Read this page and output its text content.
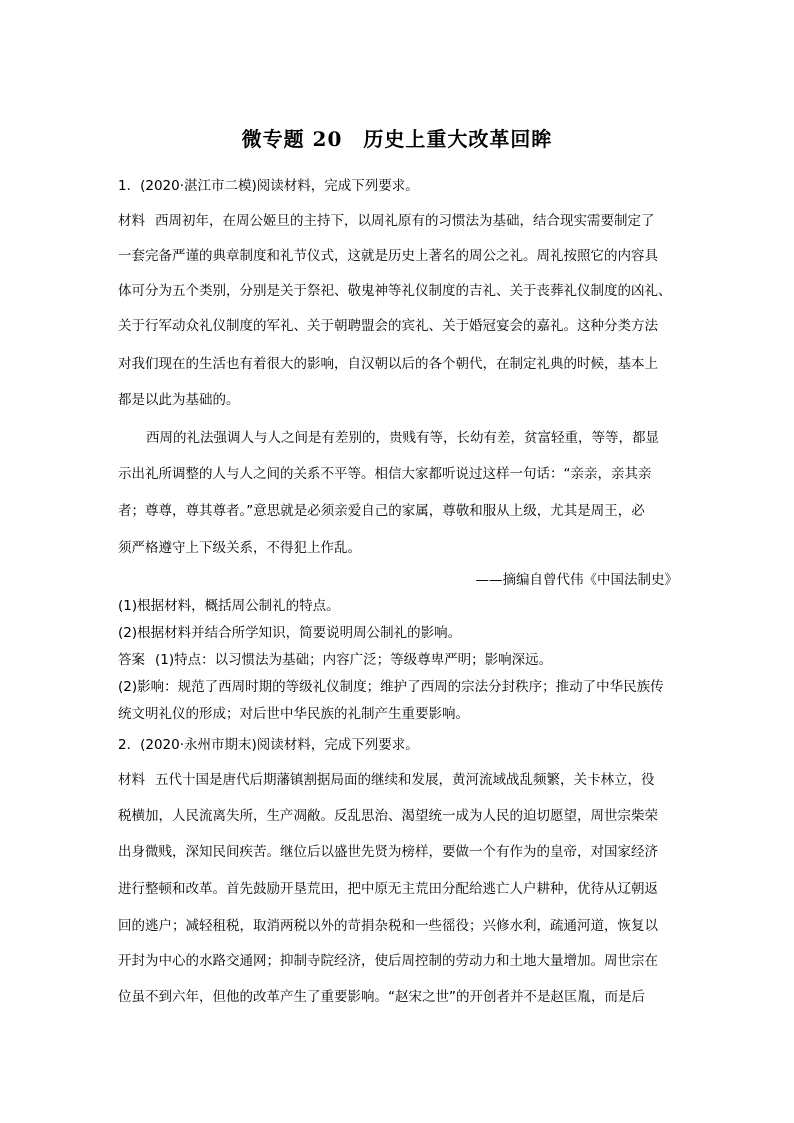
微专题 20　历史上重大改革回眸
1．(2020·湛江市二模)阅读材料，完成下列要求。
材料 西周初年，在周公姬旦的主持下，以周礼原有的习惯法为基础，结合现实需要制定了
一套完备严谨的典章制度和礼节仪式，这就是历史上著名的周公之礼。周礼按照它的内容具
体可分为五个类别，分别是关于祭祀、敬鬼神等礼仪制度的吉礼、关于丧葬礼仪制度的凶礼、
关于行军动众礼仪制度的军礼、关于朝聘盟会的宾礼、关于婚冠宴会的嘉礼。这种分类方法
对我们现在的生活也有着很大的影响，自汉朝以后的各个朝代，在制定礼典的时候，基本上
都是以此为基础的。
西周的礼法强调人与人之间是有差别的，贵贱有等，长幼有差，贫富轻重，等等，都显
示出礼所调整的人与人之间的关系不平等。相信大家都听说过这样一句话：“亲亲，亲其亲
者；尊尊，尊其尊者。”意思就是必须亲爱自己的家属，尊敬和服从上级，尤其是周王，必
须严格遵守上下级关系，不得犯上作乱。
——摘编自曾代伟《中国法制史》
(1)根据材料，概括周公制礼的特点。
(2)根据材料并结合所学知识，简要说明周公制礼的影响。
答案 (1)特点：以习惯法为基础；内容广泛；等级尊卑严明；影响深远。
(2)影响：规范了西周时期的等级礼仪制度；维护了西周的宗法分封秩序；推动了中华民族传
统文明礼仪的形成；对后世中华民族的礼制产生重要影响。
2．(2020·永州市期末)阅读材料，完成下列要求。
材料 五代十国是唐代后期藩镇割据局面的继续和发展，黄河流域战乱频繁，关卡林立，役
税横加，人民流离失所，生产凋敝。反乱思治、渴望统一成为人民的迫切愿望，周世宗柴荣
出身微贱，深知民间疾苦。继位后以盛世先贤为榜样，要做一个有作为的皇帝，对国家经济
进行整顿和改革。首先鼓励开垦荒田，把中原无主荒田分配给逃亡人户耕种，优待从辽朝返
回的逃户；减轻租税，取消两税以外的苛捐杂税和一些徭役；兴修水利，疏通河道，恢复以
开封为中心的水路交通网；抑制寺院经济，使后周控制的劳动力和土地大量增加。周世宗在
位虽不到六年，但他的改革产生了重要影响。“赵宋之世”的开创者并不是赵匡胤，而是后
